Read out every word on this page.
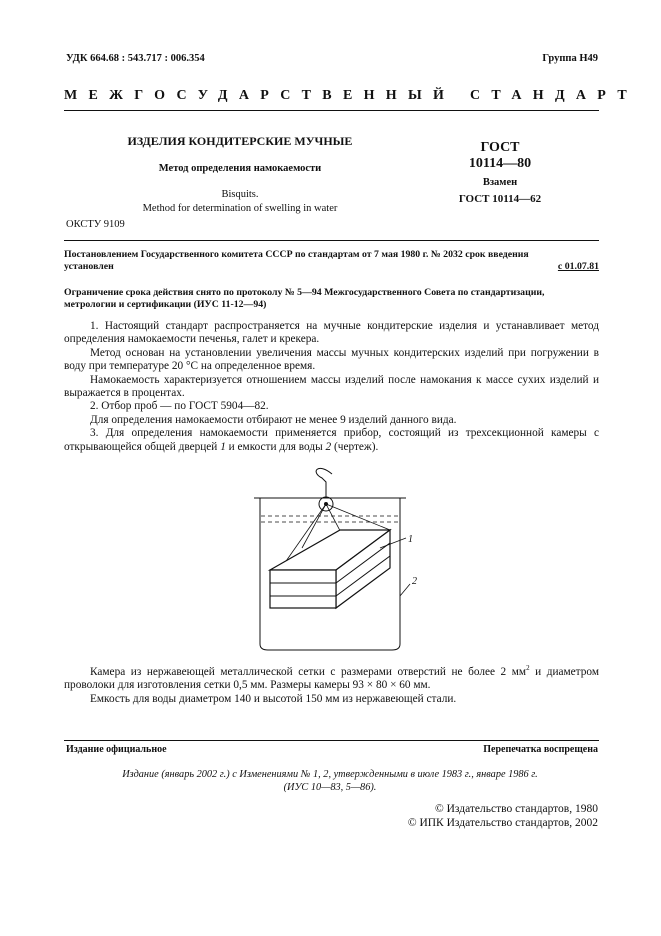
УДК 664.68 : 543.717 : 006.354	Группа Н49
МЕЖГОСУДАРСТВЕННЫЙ СТАНДАРТ
ИЗДЕЛИЯ КОНДИТЕРСКИЕ МУЧНЫЕ
Метод определения намокаемости
Bisquits.
Method for determination of swelling in water
ГОСТ
10114—80
Взамен
ГОСТ 10114—62
ОКСТУ 9109
Постановлением Государственного комитета СССР по стандартам от 7 мая 1980 г. № 2032 срок введения
установлен	с 01.07.81
Ограничение срока действия снято по протоколу № 5—94 Межгосударственного Совета по стандартизации,
метрологии и сертификации (ИУС 11-12—94)

1. Настоящий стандарт распространяется на мучные кондитерские изделия и устанавливает метод определения намокаемости печенья, галет и крекера.

Метод основан на установлении увеличения массы мучных кондитерских изделий при погружении в воду при температуре 20 °С на определенное время.

Намокаемость характеризуется отношением массы изделий после намокания к массе сухих изделий и выражается в процентах.

2. Отбор проб — по ГОСТ 5904—82.

Для определения намокаемости отбирают не менее 9 изделий данного вида.

3. Для определения намокаемости применяется прибор, состоящий из трехсекционной камеры с открывающейся общей дверцей 1 и емкости для воды 2 (чертеж).

1
2

Камера из нержавеющей металлической сетки с размерами отверстий не более 2 $мм^2$ и диаметром проволоки для изготовления сетки 0,5 мм. Размеры камеры 93 × 80 × 60 мм.

Емкость для воды диаметром 140 и высотой 150 мм из нержавеющей стали.

Издание официальное	Перепечатка воспрещена
Издание (январь 2002 г.) с Изменениями № 1, 2, утвержденными в июле 1983 г., январе 1986 г.
(ИУС 10—83, 5—86).
© Издательство стандартов, 1980
© ИПК Издательство стандартов, 2002
